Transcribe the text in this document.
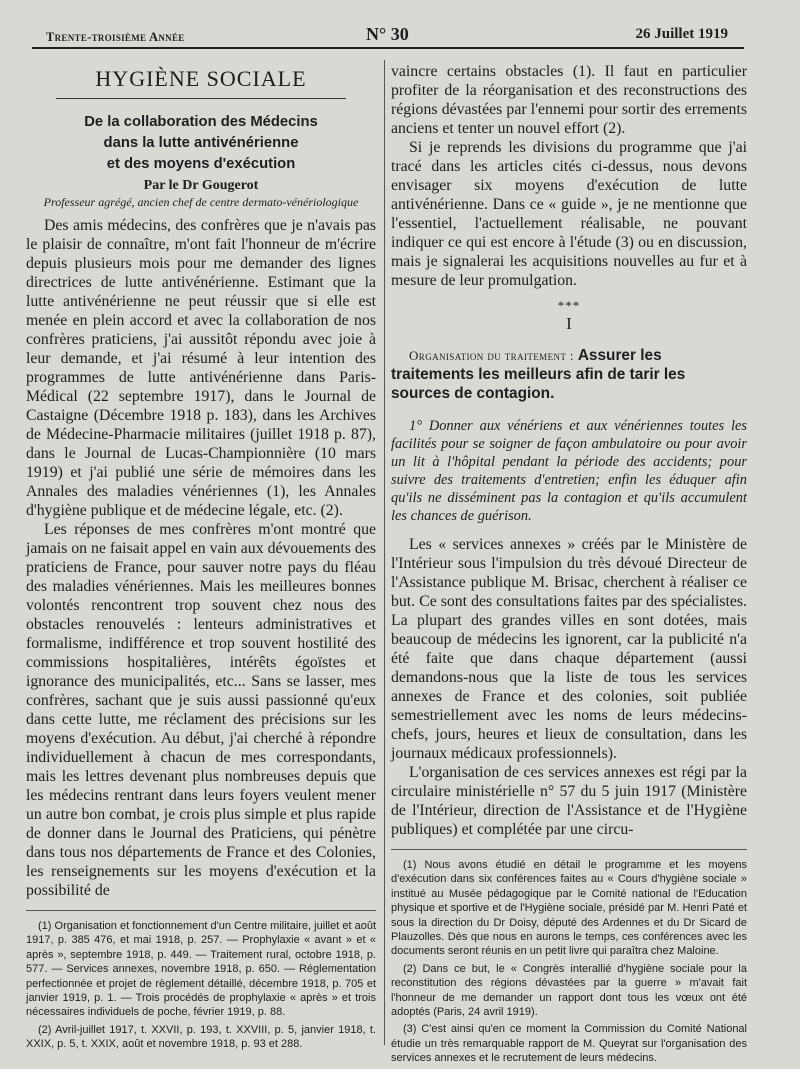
Trente-troisième Année	N° 30	26 Juillet 1919
HYGIÈNE SOCIALE
De la collaboration des Médecins
dans la lutte antivénérienne
et des moyens d'exécution
Par le Dr Gougerot
Professeur agrégé, ancien chef de centre dermato-vénériologique

Des amis médecins, des confrères que je n'avais pas le plaisir de connaître, m'ont fait l'honneur de m'écrire depuis plusieurs mois pour me demander des lignes directrices de lutte antivénérienne. Estimant que la lutte antivénérienne ne peut réussir que si elle est menée en plein accord et avec la collaboration de nos confrères praticiens, j'ai aussitôt répondu avec joie à leur demande, et j'ai résumé à leur intention des programmes de lutte antivénérienne dans Paris-Médical (22 septembre 1917), dans le Journal de Castaigne (Décembre 1918 p. 183), dans les Archives de Médecine-Pharmacie militaires (juillet 1918 p. 87), dans le Journal de Lucas-Championnière (10 mars 1919) et j'ai publié une série de mémoires dans les Annales des maladies vénériennes (1), les Annales d'hygiène publique et de médecine légale, etc. (2).

Les réponses de mes confrères m'ont montré que jamais on ne faisait appel en vain aux dévouements des praticiens de France, pour sauver notre pays du fléau des maladies vénériennes. Mais les meilleures bonnes volontés rencontrent trop souvent chez nous des obstacles renouvelés : lenteurs administratives et formalisme, indifférence et trop souvent hostilité des commissions hospitalières, intérêts égoïstes et ignorance des municipalités, etc... Sans se lasser, mes confrères, sachant que je suis aussi passionné qu'eux dans cette lutte, me réclament des précisions sur les moyens d'exécution. Au début, j'ai cherché à répondre individuellement à chacun de mes correspondants, mais les lettres devenant plus nombreuses depuis que les médecins rentrant dans leurs foyers veulent mener un autre bon combat, je crois plus simple et plus rapide de donner dans le Journal des Praticiens, qui pénètre dans tous nos départements de France et des Colonies, les renseignements sur les moyens d'exécution et la possibilité de

(1) Organisation et fonctionnement d'un Centre militaire, juillet et août 1917, p. 385 476, et mai 1918, p. 257. — Prophylaxie « avant » et « après », septembre 1918, p. 449. — Traitement rural, octobre 1918, p. 577. — Services annexes, novembre 1918, p. 650. — Réglementation perfectionnée et projet de règlement détaillé, décembre 1918, p. 705 et janvier 1919, p. 1. — Trois procédés de prophylaxie « après » et trois nécessaires individuels de poche, février 1919, p. 88.

(2) Avril-juillet 1917, t. XXVII, p. 193, t. XXVIII, p. 5, janvier 1918, t. XXIX, p. 5, t. XXIX, août et novembre 1918, p. 93 et 288.

vaincre certains obstacles (1). Il faut en particulier profiter de la réorganisation et des reconstructions des régions dévastées par l'ennemi pour sortir des errements anciens et tenter un nouvel effort (2).

Si je reprends les divisions du programme que j'ai tracé dans les articles cités ci-dessus, nous devons envisager six moyens d'exécution de lutte antivénérienne. Dans ce « guide », je ne mentionne que l'essentiel, l'actuellement réalisable, ne pouvant indiquer ce qui est encore à l'étude (3) ou en discussion, mais je signalerai les acquisitions nouvelles au fur et à mesure de leur promulgation.

***
I

Organisation du traitement : Assurer les traitements les meilleurs afin de tarir les sources de contagion.

1° Donner aux vénériens et aux vénériennes toutes les facilités pour se soigner de façon ambulatoire ou pour avoir un lit à l'hôpital pendant la période des accidents; pour suivre des traitements d'entretien; enfin les éduquer afin qu'ils ne disséminent pas la contagion et qu'ils accumulent les chances de guérison.

Les « services annexes » créés par le Ministère de l'Intérieur sous l'impulsion du très dévoué Directeur de l'Assistance publique M. Brisac, cherchent à réaliser ce but. Ce sont des consultations faites par des spécialistes. La plupart des grandes villes en sont dotées, mais beaucoup de médecins les ignorent, car la publicité n'a été faite que dans chaque département (aussi demandons-nous que la liste de tous les services annexes de France et des colonies, soit publiée semestriellement avec les noms de leurs médecins-chefs, jours, heures et lieux de consultation, dans les journaux médicaux professionnels).

L'organisation de ces services annexes est régi par la circulaire ministérielle n° 57 du 5 juin 1917 (Ministère de l'Intérieur, direction de l'Assistance et de l'Hygiène publiques) et complétée par une circu-

(1) Nous avons étudié en détail le programme et les moyens d'exécution dans six conférences faites au « Cours d'hygiène sociale » institué au Musée pédagogique par le Comité national de l'Education physique et sportive et de l'Hygiène sociale, présidé par M. Henri Paté et sous la direction du Dr Doisy, député des Ardennes et du Dr Sicard de Plauzolles. Dès que nous en aurons le temps, ces conférences avec les documents seront réunis en un petit livre qui paraîtra chez Maloine.

(2) Dans ce but, le « Congrès interallié d'hygiène sociale pour la reconstitution des régions dévastées par la guerre » m'avait fait l'honneur de me demander un rapport dont tous les vœux ont été adoptés (Paris, 24 avril 1919).

(3) C'est ainsi qu'en ce moment la Commission du Comité National étudie un très remarquable rapport de M. Queyrat sur l'organisation des services annexes et le recrutement de leurs médecins.
